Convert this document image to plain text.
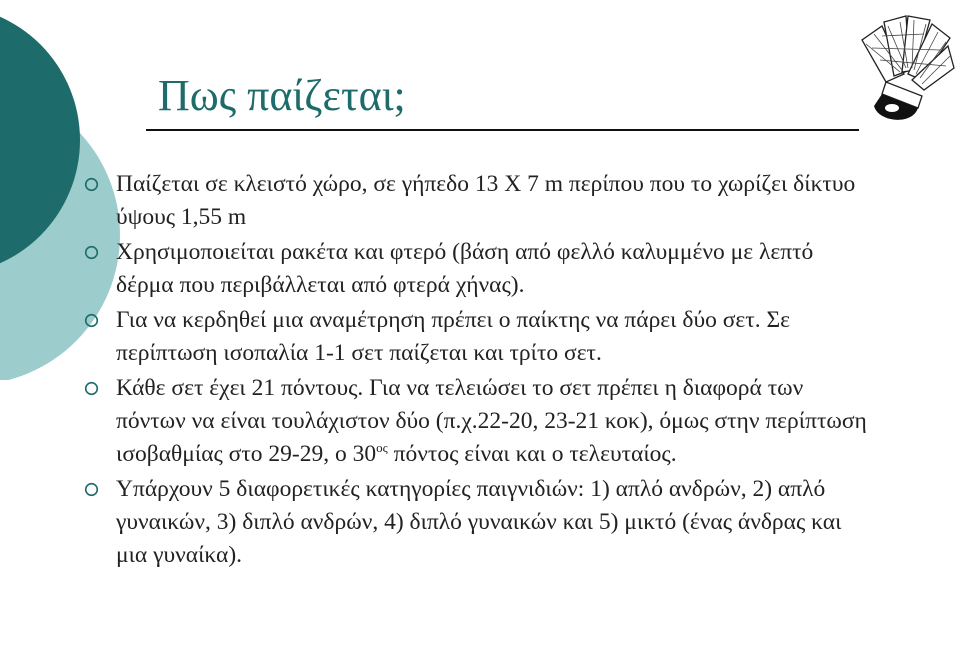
Πως παίζεται;
Παίζεται σε κλειστό χώρο, σε γήπεδο 13 Χ 7 m περίπου που το χωρίζει δίκτυο ύψους 1,55 m
Χρησιμοποιείται ρακέτα και φτερό (βάση από φελλό καλυμμένο με λεπτό δέρμα που περιβάλλεται από φτερά χήνας).
Για να κερδηθεί μια αναμέτρηση πρέπει ο παίκτης να πάρει δύο σετ. Σε περίπτωση ισοπαλία 1-1 σετ παίζεται και τρίτο σετ.
Κάθε σετ έχει 21 πόντους. Για να τελειώσει το σετ πρέπει η διαφορά των πόντων να είναι τουλάχιστον δύο (π.χ.22-20, 23-21 κοκ), όμως στην περίπτωση ισοβαθμίας στο 29-29, ο $30^{o\varsigma}$ πόντος είναι και ο τελευταίος.
Υπάρχουν 5 διαφορετικές κατηγορίες παιγνιδιών: 1) απλό ανδρών, 2) απλό γυναικών, 3) διπλό ανδρών, 4) διπλό γυναικών και 5) μικτό (ένας άνδρας και μια γυναίκα).
